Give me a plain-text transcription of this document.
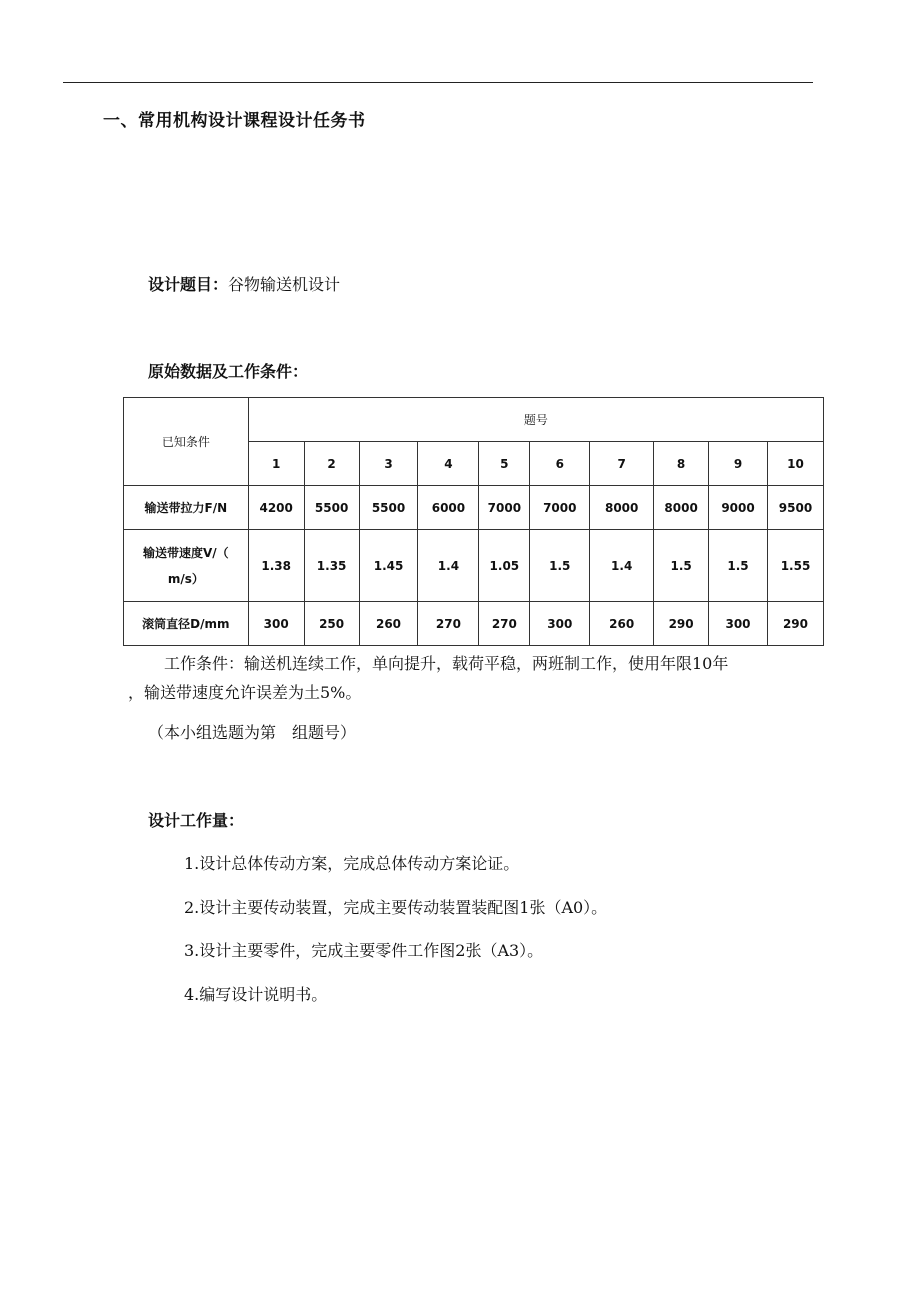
一、常用机构设计课程设计任务书
设计题目：谷物输送机设计
原始数据及工作条件：
已知条件	题号									
	1	2	3	4	5	6	7	8	9	10
输送带拉力F/N	4200	5500	5500	6000	7000	7000	8000	8000	9000	9500

输送带速度V/（
m/s）	1.38	1.35	1.45	1.4	1.05	1.5	1.4	1.5	1.5	1.55
滚筒直径D/mm	300	250	260	270	270	300	260	290	300	290
工作条件：输送机连续工作，单向提升，载荷平稳，两班制工作，使用年限10年
，输送带速度允许误差为土5%。
（本小组选题为第　组题号）
设计工作量：
1.设计总体传动方案，完成总体传动方案论证。
2.设计主要传动装置，完成主要传动装置装配图1张（A0）。
3.设计主要零件，完成主要零件工作图2张（A3）。
4.编写设计说明书。
